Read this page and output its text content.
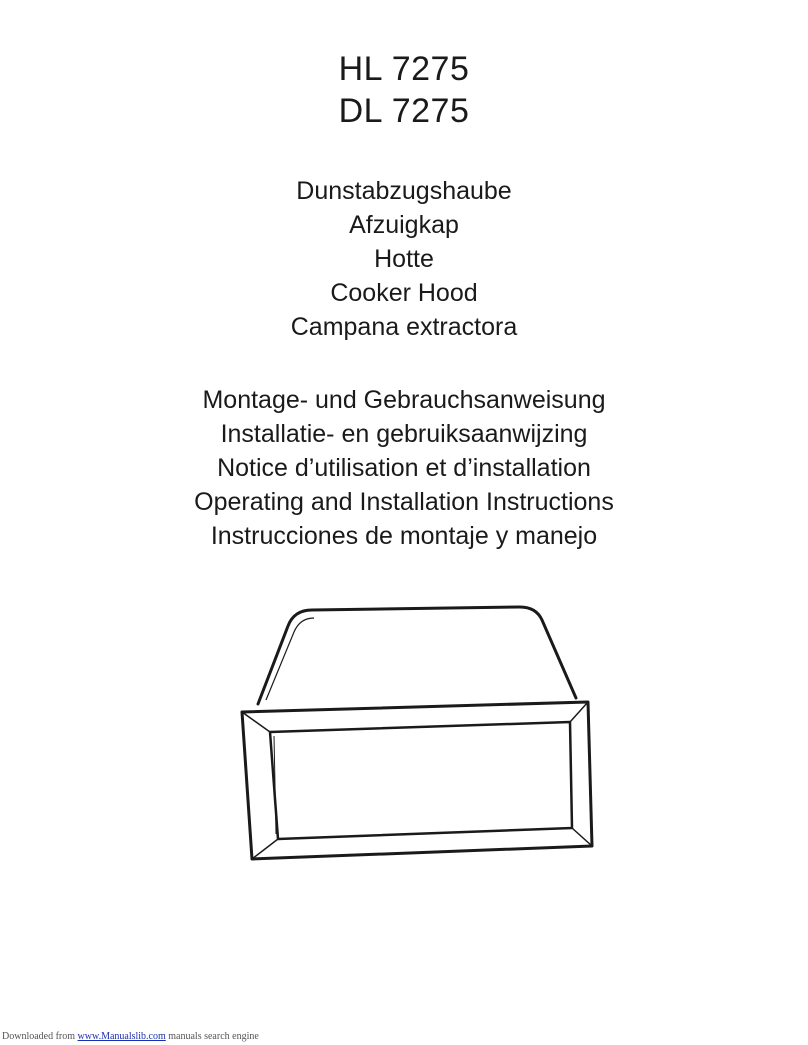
HL 7275
DL 7275
Dunstabzugshaube
Afzuigkap
Hotte
Cooker Hood
Campana extractora
Montage- und Gebrauchsanweisung
Installatie- en gebruiksaanwijzing
Notice d’utilisation et d’installation
Operating and Installation Instructions
Instrucciones de montaje y manejo
Downloaded from www.Manualslib.com manuals search engine
